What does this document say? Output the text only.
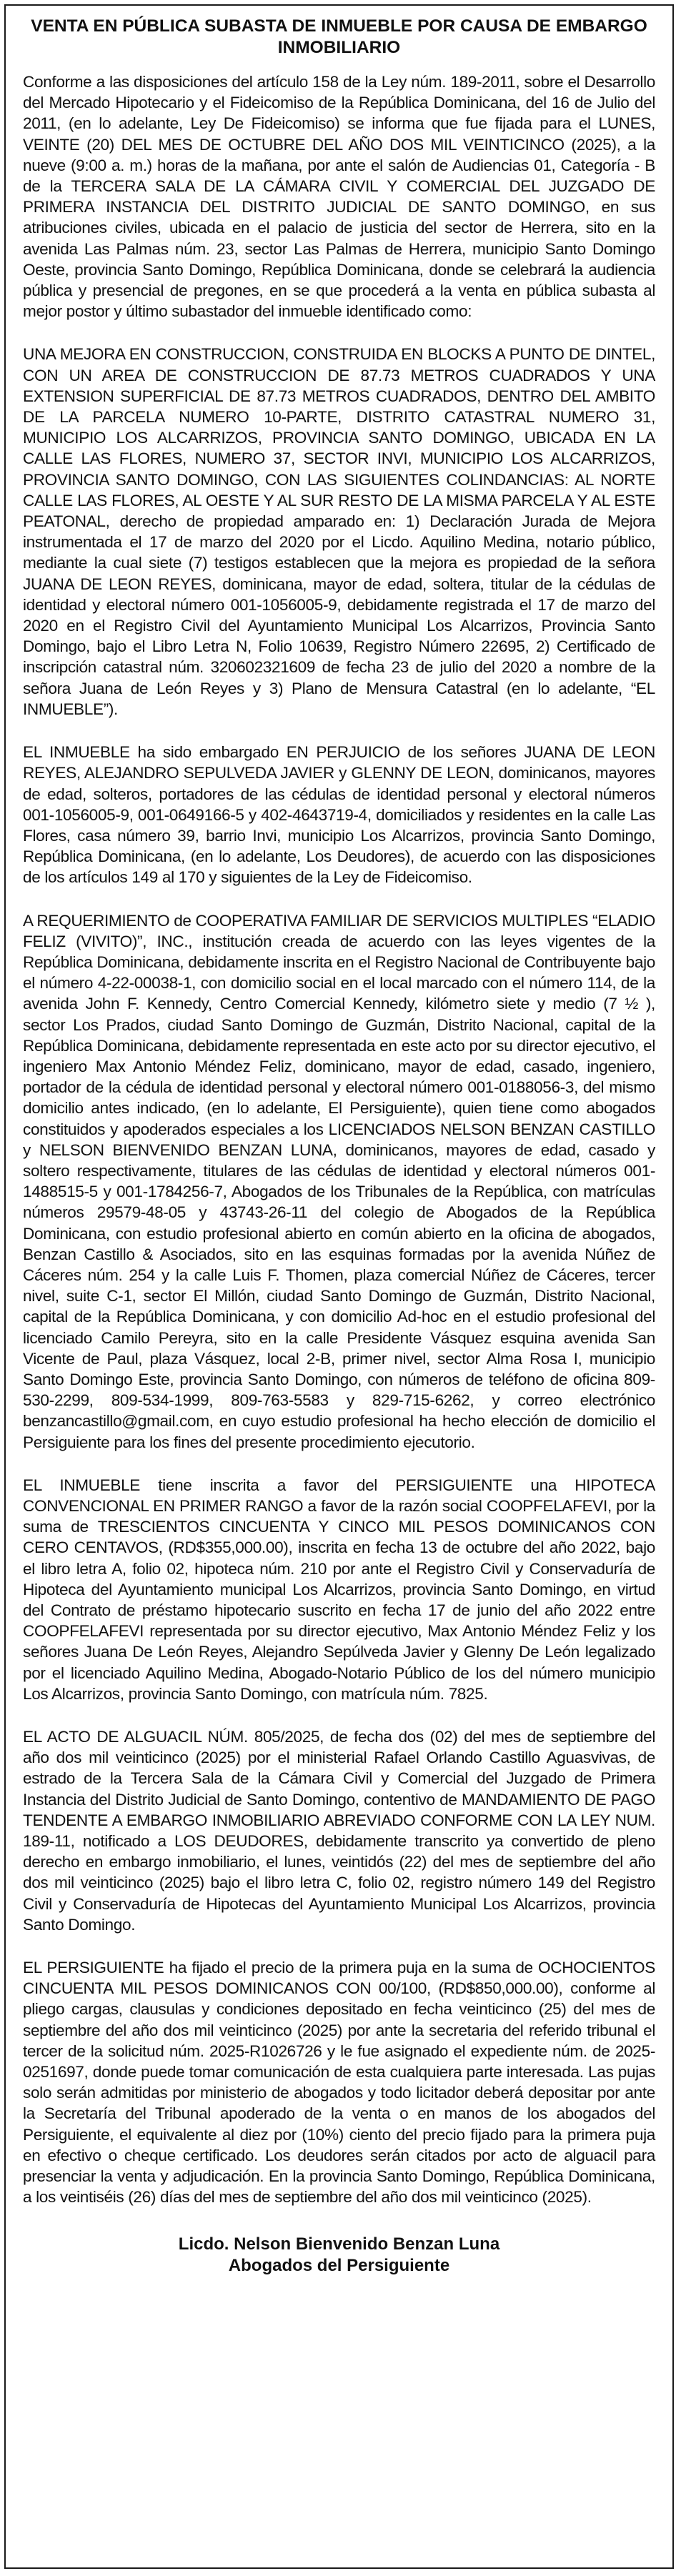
VENTA EN PÚBLICA SUBASTA DE INMUEBLE POR CAUSA DE EMBARGO INMOBILIARIO

Conforme a las disposiciones del artículo 158 de la Ley núm. 189-2011, sobre el Desarrollo del Mercado Hipotecario y el Fideicomiso de la República Dominicana, del 16 de Julio del 2011, (en lo adelante, Ley De Fideicomiso) se informa que fue fijada para el LUNES, VEINTE (20) DEL MES DE OCTUBRE DEL AÑO DOS MIL VEINTICINCO (2025), a la nueve (9:00 a. m.) horas de la mañana, por ante el salón de Audiencias 01, Categoría - B de la TERCERA SALA DE LA CÁMARA CIVIL Y COMERCIAL DEL JUZGADO DE PRIMERA INSTANCIA DEL DISTRITO JUDICIAL DE SANTO DOMINGO, en sus atribuciones civiles, ubicada en el palacio de justicia del sector de Herrera, sito en la avenida Las Palmas núm. 23, sector Las Palmas de Herrera, municipio Santo Domingo Oeste, provincia Santo Domingo, República Dominicana, donde se celebrará la audiencia pública y presencial de pregones, en se que procederá a la venta en pública subasta al mejor postor y último subastador del inmueble identificado como:

UNA MEJORA EN CONSTRUCCION, CONSTRUIDA EN BLOCKS A PUNTO DE DINTEL, CON UN AREA DE CONSTRUCCION DE 87.73 METROS CUADRADOS Y UNA EXTENSION SUPERFICIAL DE 87.73 METROS CUADRADOS, DENTRO DEL AMBITO DE LA PARCELA NUMERO 10-PARTE, DISTRITO CATASTRAL NUMERO 31, MUNICIPIO LOS ALCARRIZOS, PROVINCIA SANTO DOMINGO, UBICADA EN LA CALLE LAS FLORES, NUMERO 37, SECTOR INVI, MUNICIPIO LOS ALCARRIZOS, PROVINCIA SANTO DOMINGO, CON LAS SIGUIENTES COLINDANCIAS: AL NORTE CALLE LAS FLORES, AL OESTE Y AL SUR RESTO DE LA MISMA PARCELA Y AL ESTE PEATONAL, derecho de propiedad amparado en: 1) Declaración Jurada de Mejora instrumentada el 17 de marzo del 2020 por el Licdo. Aquilino Medina, notario público, mediante la cual siete (7) testigos establecen que la mejora es propiedad de la señora JUANA DE LEON REYES, dominicana, mayor de edad, soltera, titular de la cédulas de identidad y electoral número 001-1056005-9, debidamente registrada el 17 de marzo del 2020 en el Registro Civil del Ayuntamiento Municipal Los Alcarrizos, Provincia Santo Domingo, bajo el Libro Letra N, Folio 10639, Registro Número 22695, 2) Certificado de inscripción catastral núm. 320602321609 de fecha 23 de julio del 2020 a nombre de la señora Juana de León Reyes y 3) Plano de Mensura Catastral (en lo adelante, “EL INMUEBLE”).

EL INMUEBLE ha sido embargado EN PERJUICIO de los señores JUANA DE LEON REYES, ALEJANDRO SEPULVEDA JAVIER y GLENNY DE LEON, dominicanos, mayores de edad, solteros, portadores de las cédulas de identidad personal y electoral números 001-1056005-9, 001-0649166-5 y 402-4643719-4, domiciliados y residentes en la calle Las Flores, casa número 39, barrio Invi, municipio Los Alcarrizos, provincia Santo Domingo, República Dominicana, (en lo adelante, Los Deudores), de acuerdo con las disposiciones de los artículos 149 al 170 y siguientes de la Ley de Fideicomiso.

A REQUERIMIENTO de COOPERATIVA FAMILIAR DE SERVICIOS MULTIPLES “ELADIO FELIZ (VIVITO)”, INC., institución creada de acuerdo con las leyes vigentes de la República Dominicana, debidamente inscrita en el Registro Nacional de Contribuyente bajo el número 4-22-00038-1, con domicilio social en el local marcado con el número 114, de la avenida John F. Kennedy, Centro Comercial Kennedy, kilómetro siete y medio (7 ½ ), sector Los Prados, ciudad Santo Domingo de Guzmán, Distrito Nacional, capital de la República Dominicana, debidamente representada en este acto por su director ejecutivo, el ingeniero Max Antonio Méndez Feliz, dominicano, mayor de edad, casado, ingeniero, portador de la cédula de identidad personal y electoral número 001-0188056-3, del mismo domicilio antes indicado, (en lo adelante, El Persiguiente), quien tiene como abogados constituidos y apoderados especiales a los LICENCIADOS NELSON BENZAN CASTILLO y NELSON BIENVENIDO BENZAN LUNA, dominicanos, mayores de edad, casado y soltero respectivamente, titulares de las cédulas de identidad y electoral números 001-1488515-5 y 001-1784256-7, Abogados de los Tribunales de la República, con matrículas números 29579-48-05 y 43743-26-11 del colegio de Abogados de la República Dominicana, con estudio profesional abierto en común abierto en la oficina de abogados, Benzan Castillo & Asociados, sito en las esquinas formadas por la avenida Núñez de Cáceres núm. 254 y la calle Luis F. Thomen, plaza comercial Núñez de Cáceres, tercer nivel, suite C-1, sector El Millón, ciudad Santo Domingo de Guzmán, Distrito Nacional, capital de la República Dominicana, y con domicilio Ad-hoc en el estudio profesional del licenciado Camilo Pereyra, sito en la calle Presidente Vásquez esquina avenida San Vicente de Paul, plaza Vásquez, local 2-B, primer nivel, sector Alma Rosa I, municipio Santo Domingo Este, provincia Santo Domingo, con números de teléfono de oficina 809-530-2299, 809-534-1999, 809-763-5583 y 829-715-6262, y correo electrónico benzancastillo@gmail.com, en cuyo estudio profesional ha hecho elección de domicilio el Persiguiente para los fines del presente procedimiento ejecutorio.

EL INMUEBLE tiene inscrita a favor del PERSIGUIENTE una HIPOTECA CONVENCIONAL EN PRIMER RANGO a favor de la razón social COOPFELAFEVI, por la suma de TRESCIENTOS CINCUENTA Y CINCO MIL PESOS DOMINICANOS CON CERO CENTAVOS, (RD$355,000.00), inscrita en fecha 13 de octubre del año 2022, bajo el libro letra A, folio 02, hipoteca núm. 210 por ante el Registro Civil y Conservaduría de Hipoteca del Ayuntamiento municipal Los Alcarrizos, provincia Santo Domingo, en virtud del Contrato de préstamo hipotecario suscrito en fecha 17 de junio del año 2022 entre COOPFELAFEVI representada por su director ejecutivo, Max Antonio Méndez Feliz y los señores Juana De León Reyes, Alejandro Sepúlveda Javier y Glenny De León legalizado por el licenciado Aquilino Medina, Abogado-Notario Público de los del número municipio Los Alcarrizos, provincia Santo Domingo, con matrícula núm. 7825.

EL ACTO DE ALGUACIL NÚM. 805/2025, de fecha dos (02) del mes de septiembre del año dos mil veinticinco (2025) por el ministerial Rafael Orlando Castillo Aguasvivas, de estrado de la Tercera Sala de la Cámara Civil y Comercial del Juzgado de Primera Instancia del Distrito Judicial de Santo Domingo, contentivo de MANDAMIENTO DE PAGO TENDENTE A EMBARGO INMOBILIARIO ABREVIADO CONFORME CON LA LEY NUM. 189-11, notificado a LOS DEUDORES, debidamente transcrito ya convertido de pleno derecho en embargo inmobiliario, el lunes, veintidós (22) del mes de septiembre del año dos mil veinticinco (2025) bajo el libro letra C, folio 02, registro número 149 del Registro Civil y Conservaduría de Hipotecas del Ayuntamiento Municipal Los Alcarrizos, provincia Santo Domingo.

EL PERSIGUIENTE ha fijado el precio de la primera puja en la suma de OCHOCIENTOS CINCUENTA MIL PESOS DOMINICANOS CON 00/100, (RD$850,000.00), conforme al pliego cargas, clausulas y condiciones depositado en fecha veinticinco (25) del mes de septiembre del año dos mil veinticinco (2025) por ante la secretaria del referido tribunal el tercer de la solicitud núm. 2025-R1026726 y le fue asignado el expediente núm. de 2025-0251697, donde puede tomar comunicación de esta cualquiera parte interesada. Las pujas solo serán admitidas por ministerio de abogados y todo licitador deberá depositar por ante la Secretaría del Tribunal apoderado de la venta o en manos de los abogados del Persiguiente, el equivalente al diez por (10%) ciento del precio fijado para la primera puja en efectivo o cheque certificado. Los deudores serán citados por acto de alguacil para presenciar la venta y adjudicación. En la provincia Santo Domingo, República Dominicana, a los veintiséis (26) días del mes de septiembre del año dos mil veinticinco (2025).

Licdo. Nelson Bienvenido Benzan Luna
Abogados del Persiguiente
